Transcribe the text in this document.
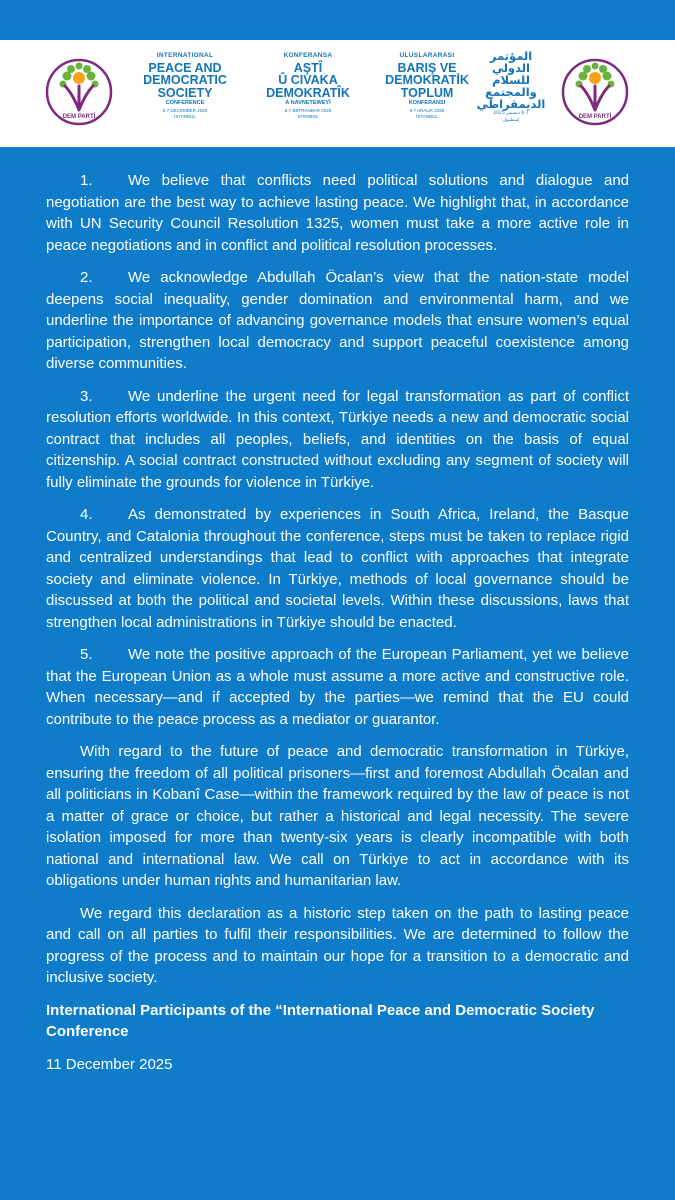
DEM PARTİ
INTERNATIONAL
PEACE AND
DEMOCRATIC
SOCIETY
CONFERENCE
6-7 DECEMBER 2025
İSTANBUL
KONFERANSA
AŞTÎ
Û CIVAKA
DEMOKRATÎK
A NAVNETEWEYÎ
6-7 BEFRANBAR 2025
STENBOL
ULUSLARARASI
BARIŞ VE
DEMOKRATİK
TOPLUM
KONFERANSI
6-7 ARALIK 2025
İSTANBUL
المؤتمر
الدولي
للسلام
والمجتمع
الديمقراطي
6-7 ديسمبر 2025
إسطنبول	DEM PARTİ

1. We believe that conflicts need political solutions and dialogue and negotiation are the best way to achieve lasting peace. We highlight that, in accordance with UN Security Council Resolution 1325, women must take a more active role in peace negotiations and in conflict and political resolution processes.

2. We acknowledge Abdullah Öcalan’s view that the nation-state model deepens social inequality, gender domination and environmental harm, and we underline the importance of advancing governance models that ensure women’s equal participation, strengthen local democracy and support peaceful coexistence among diverse communities.

3. We underline the urgent need for legal transformation as part of conflict resolution efforts worldwide. In this context, Türkiye needs a new and democratic social contract that includes all peoples, beliefs, and identities on the basis of equal citizenship. A social contract constructed without excluding any segment of society will fully eliminate the grounds for violence in Türkiye.

4. As demonstrated by experiences in South Africa, Ireland, the Basque Country, and Catalonia throughout the conference, steps must be taken to replace rigid and centralized understandings that lead to conflict with approaches that integrate society and eliminate violence. In Türkiye, methods of local governance should be discussed at both the political and societal levels. Within these discussions, laws that strengthen local administrations in Türkiye should be enacted.

5. We note the positive approach of the European Parliament, yet we believe that the European Union as a whole must assume a more active and constructive role. When necessary—and if accepted by the parties—we remind that the EU could contribute to the peace process as a mediator or guarantor.

With regard to the future of peace and democratic transformation in Türkiye, ensuring the freedom of all political prisoners—first and foremost Abdullah Öcalan and all politicians in Kobanî Case—within the framework required by the law of peace is not a matter of grace or choice, but rather a historical and legal necessity. The severe isolation imposed for more than twenty-six years is clearly incompatible with both national and international law. We call on Türkiye to act in accordance with its obligations under human rights and humanitarian law.

We regard this declaration as a historic step taken on the path to lasting peace and call on all parties to fulfil their responsibilities. We are determined to follow the progress of the process and to maintain our hope for a transition to a democratic and inclusive society.

International Participants of the “International Peace and Democratic Society Conference

11 December 2025
